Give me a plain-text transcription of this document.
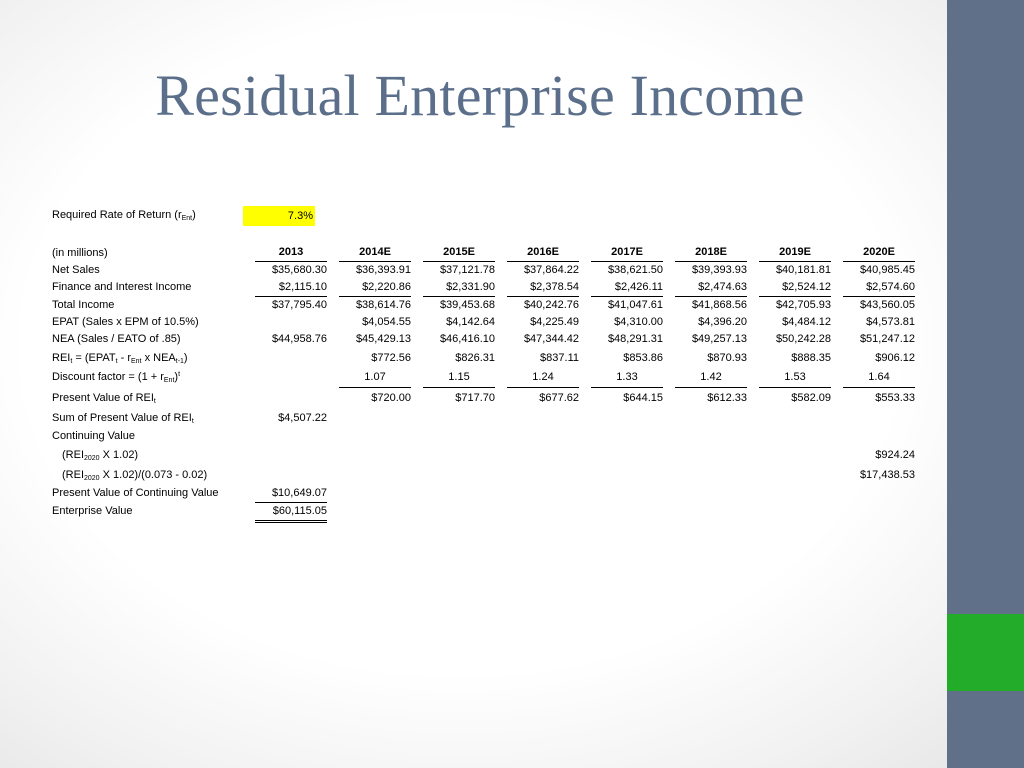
Residual Enterprise Income
Required Rate of Return $(r_{Ent})$	7.3%
(in millions)	2013	2014E	2015E	2016E	2017E	2018E	2019E	2020E
Net Sales	$35,680.30	$36,393.91	$37,121.78	$37,864.22	$38,621.50	$39,393.93	$40,181.81	$40,985.45
Finance and Interest Income	$2,115.10	$2,220.86	$2,331.90	$2,378.54	$2,426.11	$2,474.63	$2,524.12	$2,574.60
Total Income	$37,795.40	$38,614.76	$39,453.68	$40,242.76	$41,047.61	$41,868.56	$42,705.93	$43,560.05
EPAT (Sales x EPM of 10.5%)		$4,054.55	$4,142.64	$4,225.49	$4,310.00	$4,396.20	$4,484.12	$4,573.81
NEA (Sales / EATO of .85)	$44,958.76	$45,429.13	$46,416.10	$47,344.42	$48,291.31	$49,257.13	$50,242.28	$51,247.12
$REI_t$ = ($EPAT_t - r_{Ent}$ x $NEA_{t-1}$)		$772.56	$826.31	$837.11	$853.86	$870.93	$888.35	$906.12
Discount factor = $(1 + r_{Ent})^t$		1.07	1.15	1.24	1.33	1.42	1.53	1.64
Present Value of $REI_t$		$720.00	$717.70	$677.62	$644.15	$612.33	$582.09	$553.33
Sum of Present Value of $REI_t$	$4,507.22							
Continuing Value								
($REI_{2020}$ X 1.02)								$924.24
($REI_{2020}$ X 1.02)/(0.073 - 0.02)								$17,438.53
Present Value of Continuing Value	$10,649.07							
Enterprise Value	$60,115.05							
